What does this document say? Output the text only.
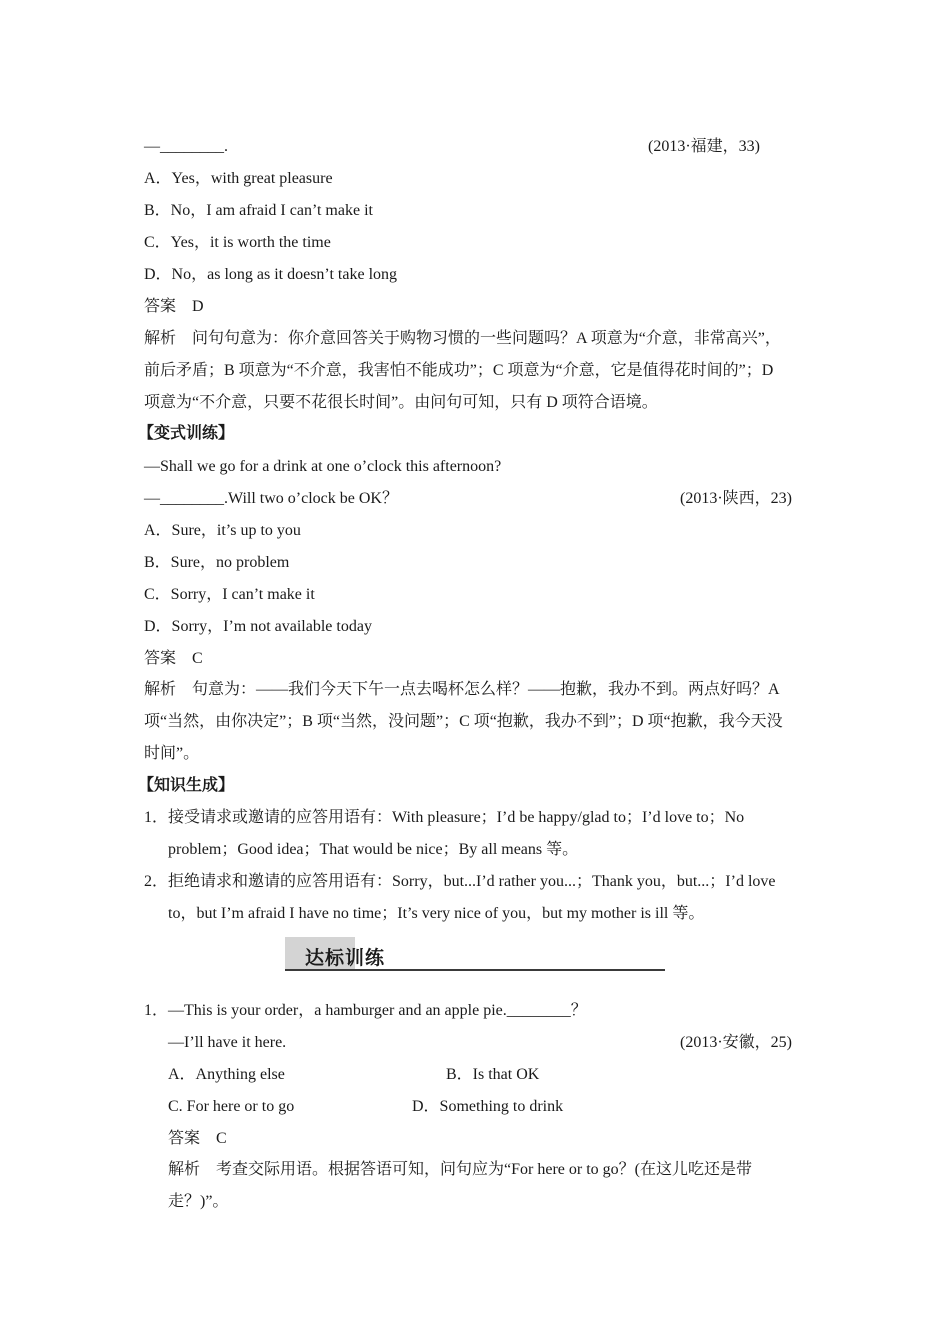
—________.	(2013·福建，33)
A．Yes，with great pleasure
B．No，I am afraid I can’t make it
C．Yes，it is worth the time
D．No，as long as it doesn’t take long
答案 D
解析 问句句意为：你介意回答关于购物习惯的一些问题吗？A 项意为“介意，非常高兴”，
前后矛盾；B 项意为“不介意，我害怕不能成功”；C 项意为“介意，它是值得花时间的”；D
项意为“不介意，只要不花很长时间”。由问句可知，只有 D 项符合语境。
【变式训练】
—Shall we go for a drink at one o’clock this afternoon?
—________.Will two o’clock be OK？	(2013·陕西，23)
A．Sure，it’s up to you
B．Sure，no problem
C．Sorry，I can’t make it
D．Sorry，I’m not available today
答案 C
解析 句意为：——我们今天下午一点去喝杯怎么样？——抱歉，我办不到。两点好吗？A
项“当然，由你决定”；B 项“当然，没问题”；C 项“抱歉，我办不到”；D 项“抱歉，我今天没
时间”。
【知识生成】
1．接受请求或邀请的应答用语有：With pleasure；I’d be happy/glad to；I’d love to；No
problem；Good idea；That would be nice；By all means 等。
2．拒绝请求和邀请的应答用语有：Sorry，but...I’d rather you...；Thank you，but...；I’d love
to，but I’m afraid I have no time；It’s very nice of you，but my mother is ill 等。
达标训练
1．—This is your order，a hamburger and an apple pie.________？
—I’ll have it here.	(2013·安徽，25)
A．Anything else	B．Is that OK
C. For here or to go	D．Something to drink
答案 C
解析 考查交际用语。根据答语可知，问句应为“For here or to go？(在这儿吃还是带
走？)”。
